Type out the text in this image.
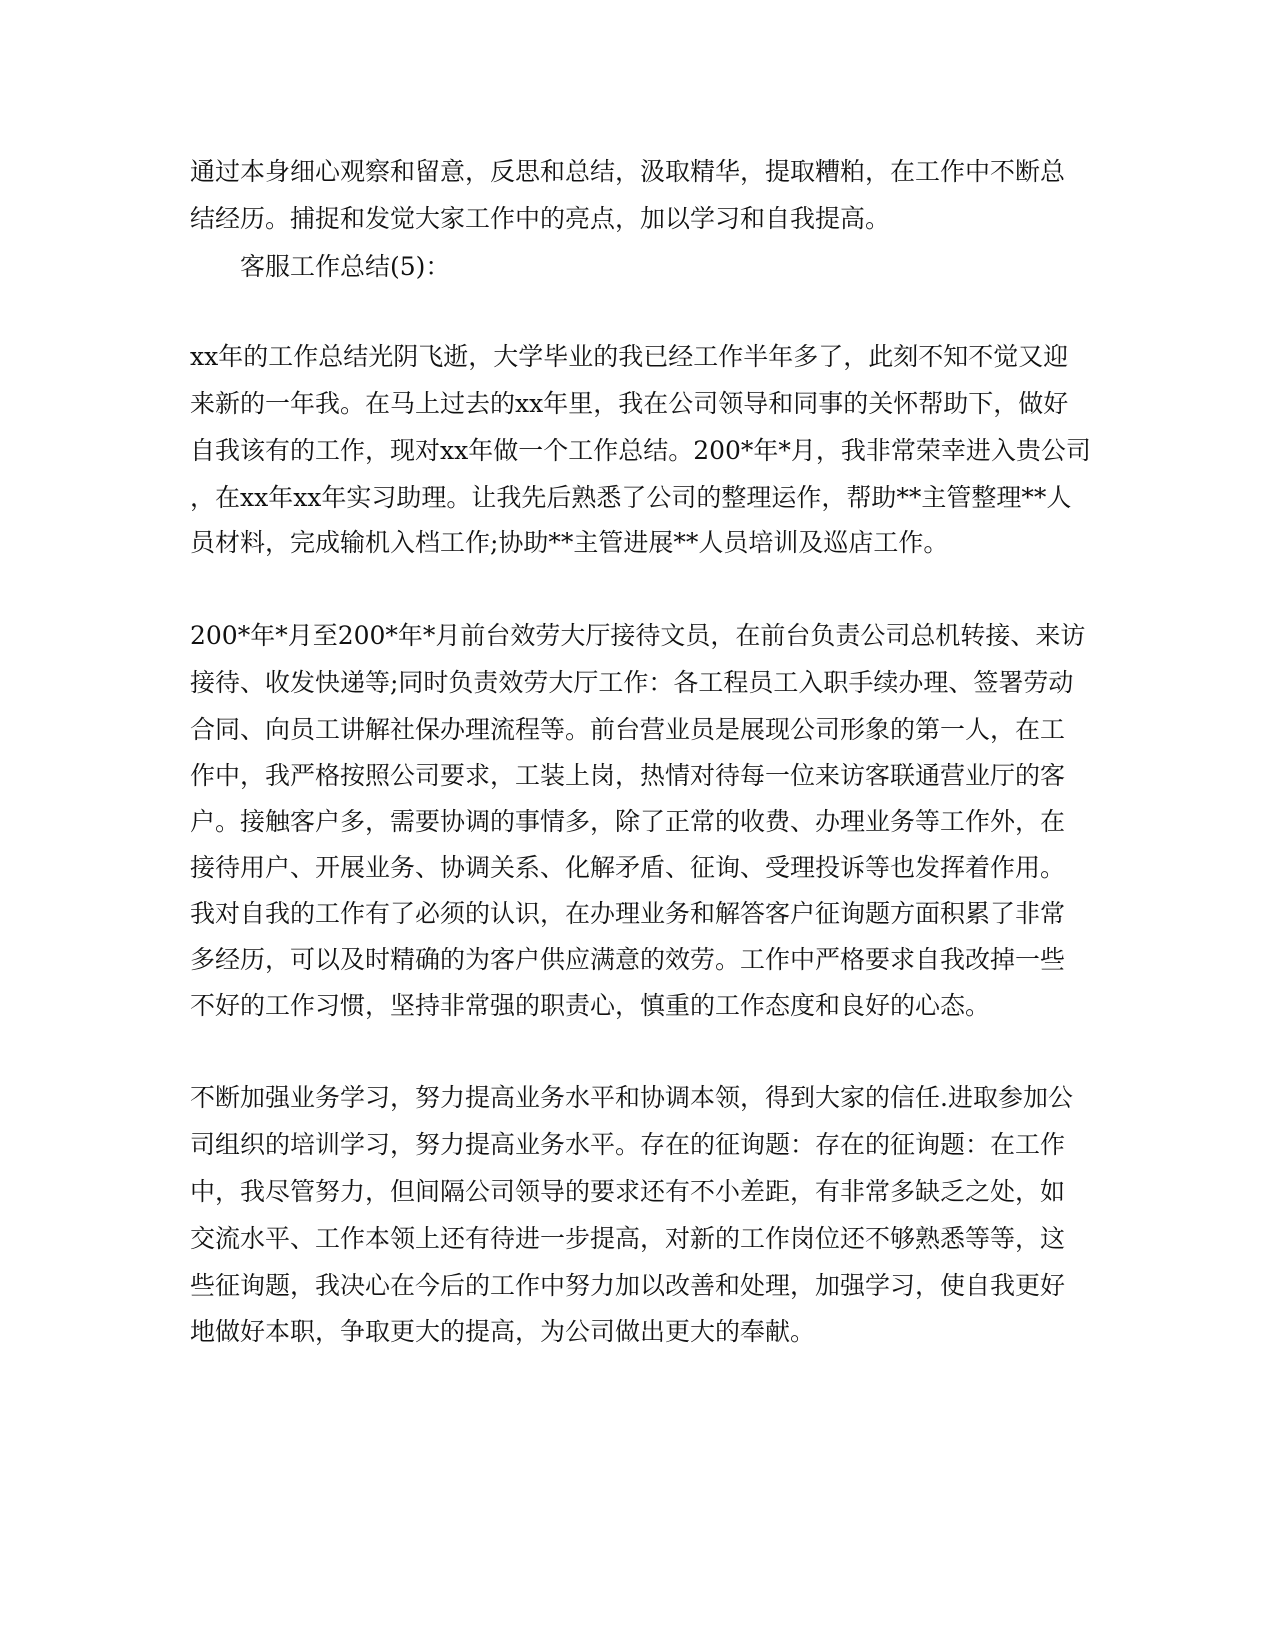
通过本身细心观察和留意，反思和总结，汲取精华，提取糟粕，在工作中不断总

结经历。捕捉和发觉大家工作中的亮点，加以学习和自我提高。

客服工作总结(5)：

xx年的工作总结光阴飞逝，大学毕业的我已经工作半年多了，此刻不知不觉又迎

来新的一年我。在马上过去的xx年里，我在公司领导和同事的关怀帮助下，做好

自我该有的工作，现对xx年做一个工作总结。200*年*月，我非常荣幸进入贵公司

，在xx年xx年实习助理。让我先后熟悉了公司的整理运作，帮助**主管整理**人

员材料，完成输机入档工作;协助**主管进展**人员培训及巡店工作。

200*年*月至200*年*月前台效劳大厅接待文员，在前台负责公司总机转接、来访

接待、收发快递等;同时负责效劳大厅工作：各工程员工入职手续办理、签署劳动

合同、向员工讲解社保办理流程等。前台营业员是展现公司形象的第一人，在工

作中，我严格按照公司要求，工装上岗，热情对待每一位来访客联通营业厅的客

户。接触客户多，需要协调的事情多，除了正常的收费、办理业务等工作外，在

接待用户、开展业务、协调关系、化解矛盾、征询、受理投诉等也发挥着作用。

我对自我的工作有了必须的认识，在办理业务和解答客户征询题方面积累了非常

多经历，可以及时精确的为客户供应满意的效劳。工作中严格要求自我改掉一些

不好的工作习惯，坚持非常强的职责心，慎重的工作态度和良好的心态。

不断加强业务学习，努力提高业务水平和协调本领，得到大家的信任.进取参加公

司组织的培训学习，努力提高业务水平。存在的征询题：存在的征询题：在工作

中，我尽管努力，但间隔公司领导的要求还有不小差距，有非常多缺乏之处，如

交流水平、工作本领上还有待进一步提高，对新的工作岗位还不够熟悉等等，这

些征询题，我决心在今后的工作中努力加以改善和处理，加强学习，使自我更好

地做好本职，争取更大的提高，为公司做出更大的奉献。
